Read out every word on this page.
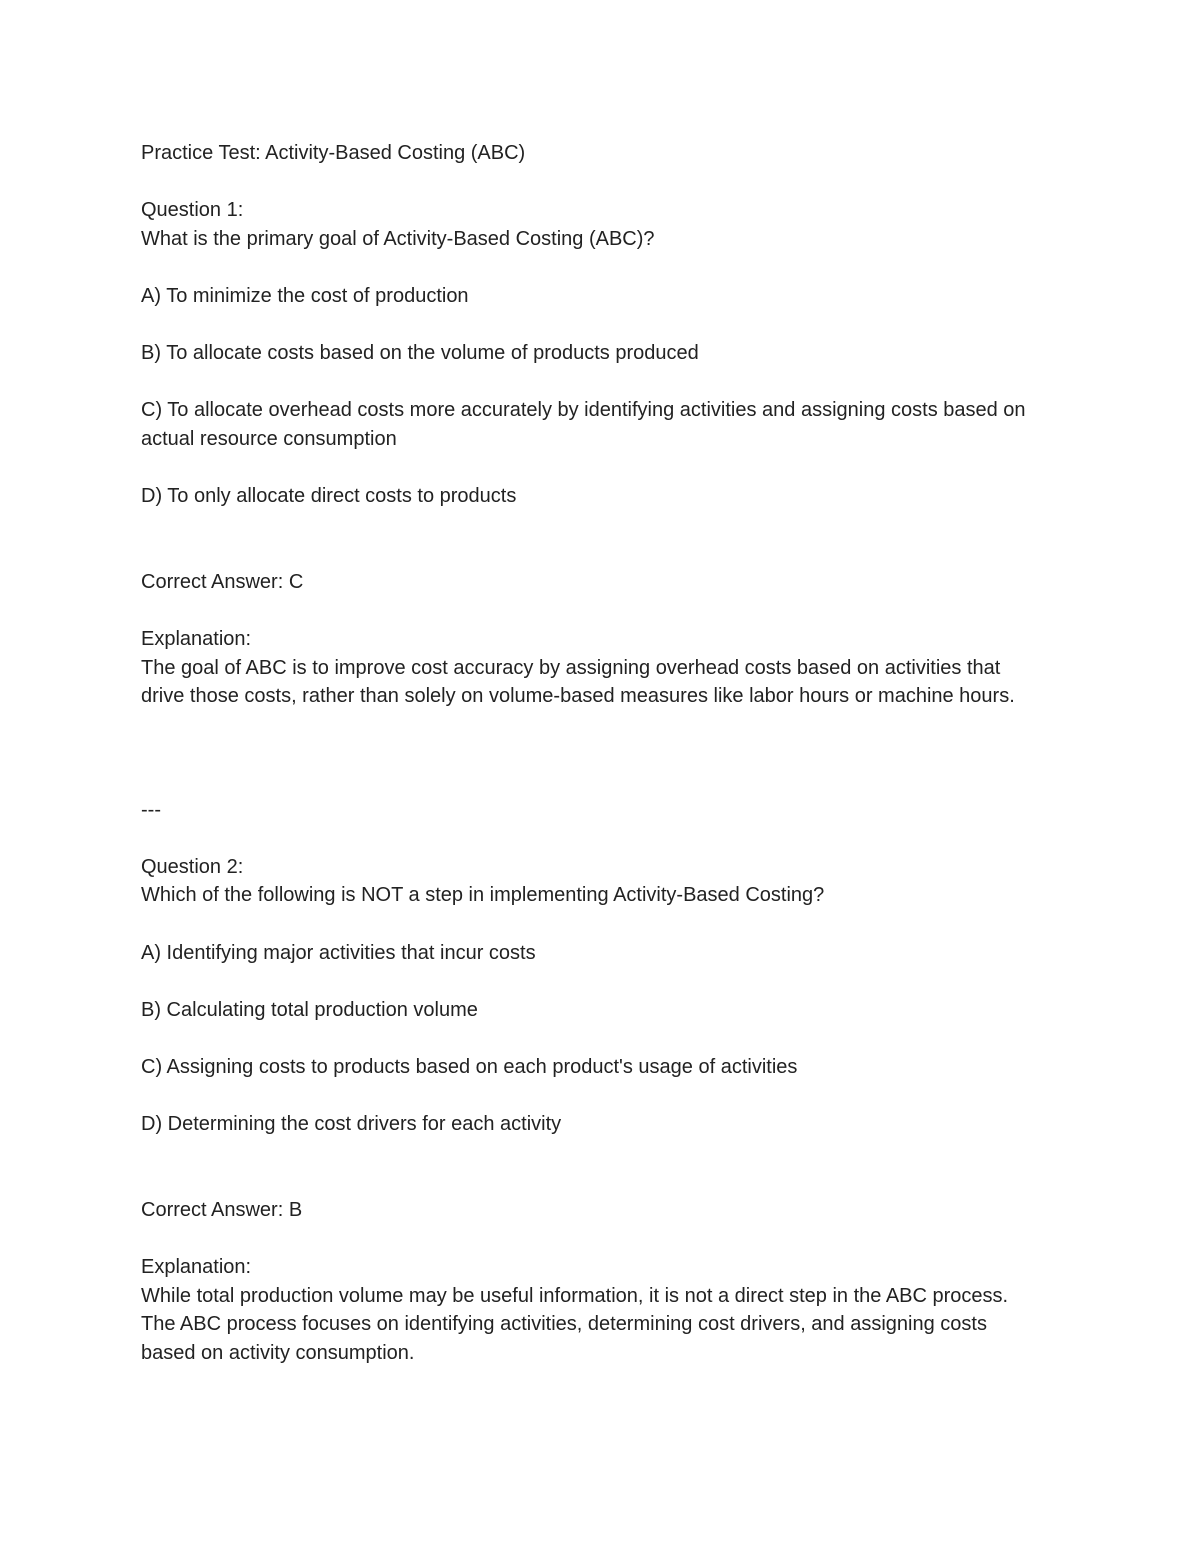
Practice Test: Activity-Based Costing (ABC)

Question 1:

What is the primary goal of Activity-Based Costing (ABC)?

A) To minimize the cost of production

B) To allocate costs based on the volume of products produced

C) To allocate overhead costs more accurately by identifying activities and assigning costs based on actual resource consumption

D) To only allocate direct costs to products

Correct Answer: C

Explanation:

The goal of ABC is to improve cost accuracy by assigning overhead costs based on activities that drive those costs, rather than solely on volume-based measures like labor hours or machine hours.

---

Question 2:

Which of the following is NOT a step in implementing Activity-Based Costing?

A) Identifying major activities that incur costs

B) Calculating total production volume

C) Assigning costs to products based on each product's usage of activities

D) Determining the cost drivers for each activity

Correct Answer: B

Explanation:

While total production volume may be useful information, it is not a direct step in the ABC process. The ABC process focuses on identifying activities, determining cost drivers, and assigning costs based on activity consumption.
